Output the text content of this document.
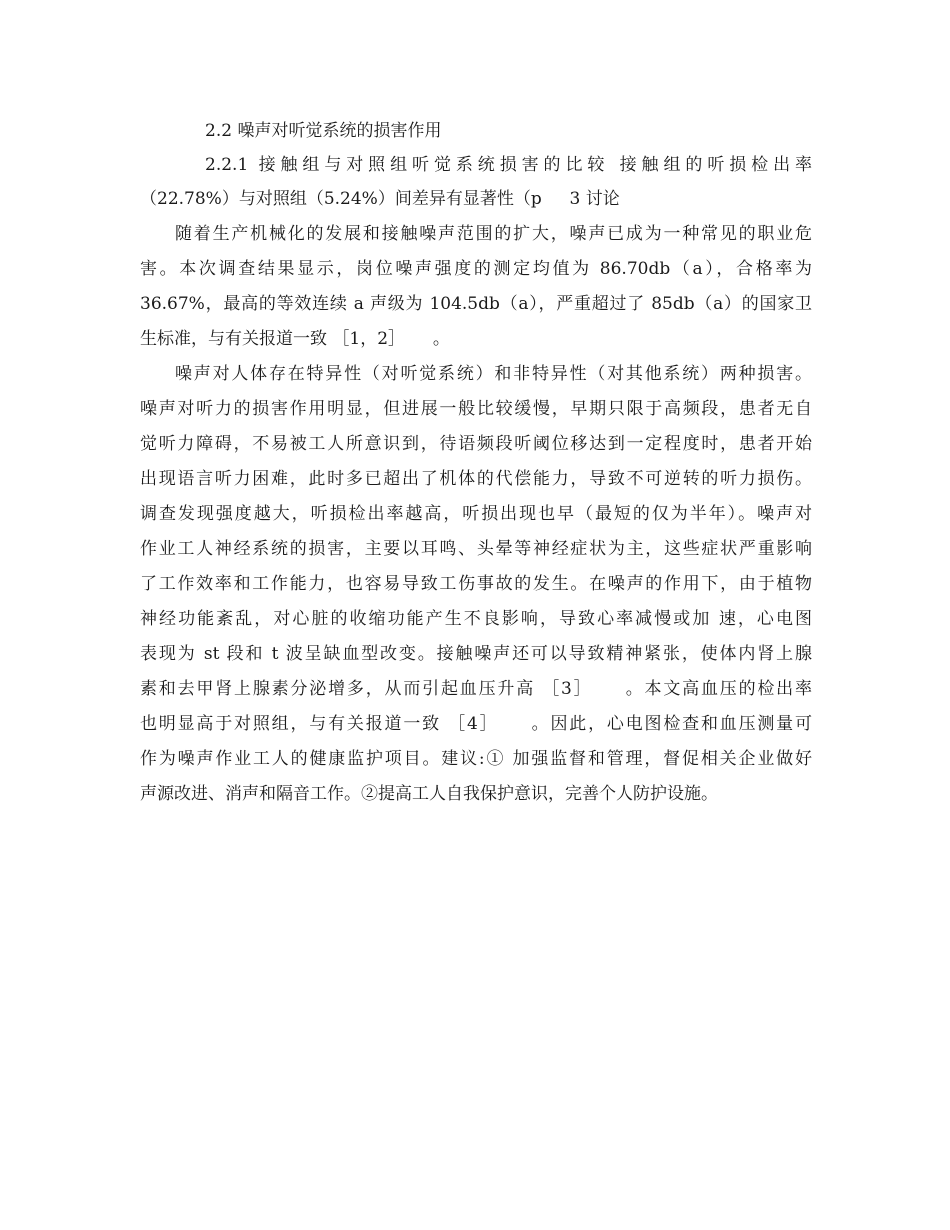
2.2 噪声对听觉系统的损害作用
2.2.1 接触组与对照组听觉系统损害的比较 接触组的听损检出率
（22.78%）与对照组（5.24%）间差异有显著性（p 　 3 讨论
随着生产机械化的发展和接触噪声范围的扩大，噪声已成为一种常见的职业危
害。本次调查结果显示，岗位噪声强度的测定均值为 86.70db（a），合格率为
36.67%，最高的等效连续 a 声级为 104.5db（a），严重超过了 85db（a）的国家卫
生标准，与有关报道一致 ［1，2］ 　 。
噪声对人体存在特异性（对听觉系统）和非特异性（对其他系统）两种损害。
噪声对听力的损害作用明显，但进展一般比较缓慢，早期只限于高频段，患者无自
觉听力障碍，不易被工人所意识到，待语频段听阈位移达到一定程度时，患者开始
出现语言听力困难，此时多已超出了机体的代偿能力，导致不可逆转的听力损伤。
调查发现强度越大，听损检出率越高，听损出现也早（最短的仅为半年）。噪声对
作业工人神经系统的损害，主要以耳鸣、头晕等神经症状为主，这些症状严重影响
了工作效率和工作能力，也容易导致工伤事故的发生。在噪声的作用下，由于植物
神经功能紊乱，对心脏的收缩功能产生不良影响，导致心率减慢或加 速，心电图
表现为 st 段和 t 波呈缺血型改变。接触噪声还可以导致精神紧张，使体内肾上腺
素和去甲肾上腺素分泌增多，从而引起血压升高 ［3］ 　 。本文高血压的检出率
也明显高于对照组，与有关报道一致 ［4］ 　 。因此，心电图检查和血压测量可
作为噪声作业工人的健康监护项目。建议:① 加强监督和管理，督促相关企业做好
声源改进、消声和隔音工作。②提高工人自我保护意识，完善个人防护设施。
